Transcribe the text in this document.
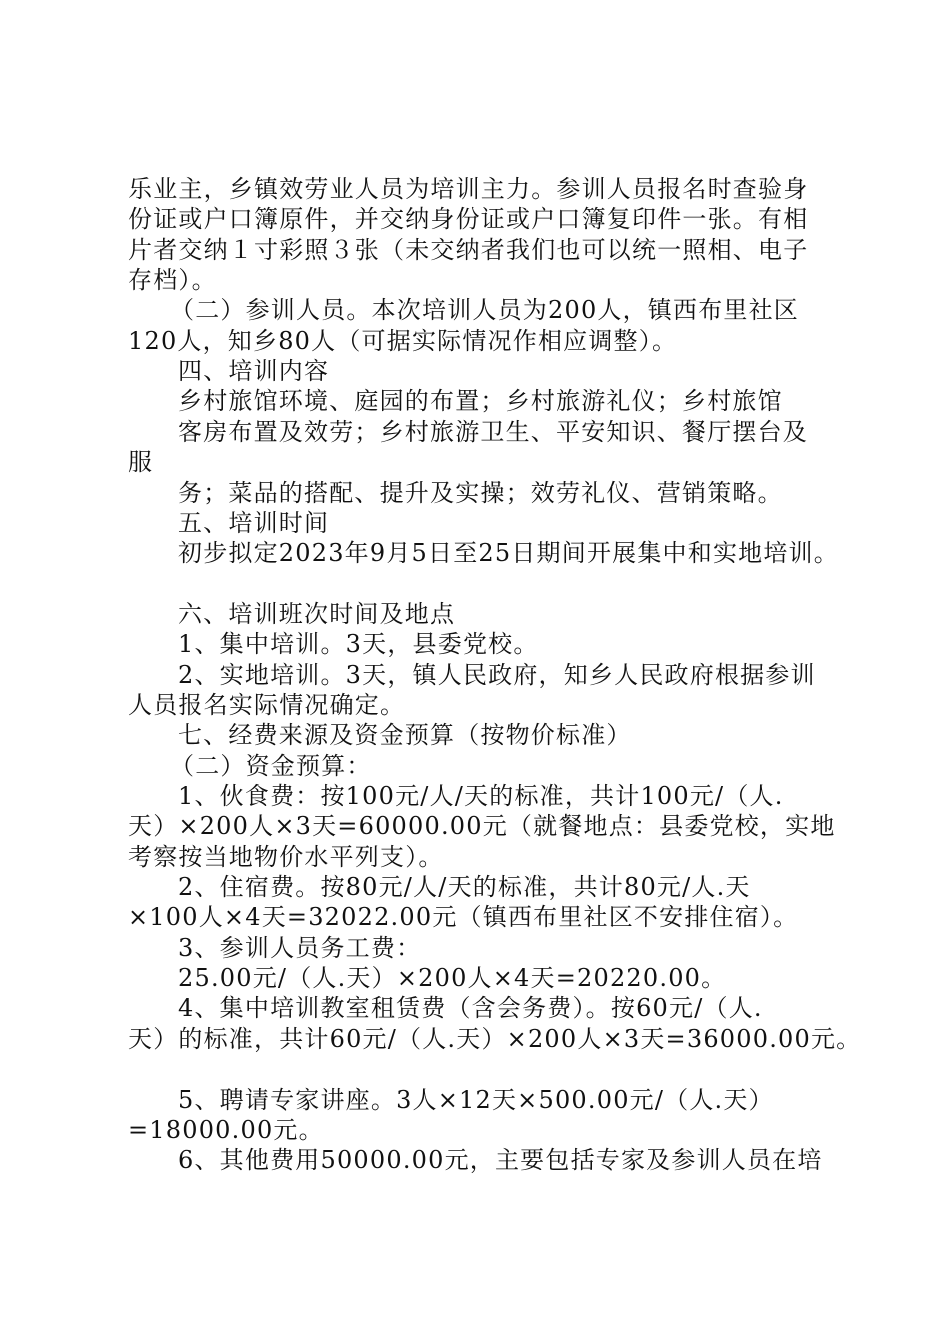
乐业主，乡镇效劳业人员为培训主力。参训人员报名时查验身
份证或户口簿原件，并交纳身份证或户口簿复印件一张。有相
片者交纳１寸彩照３张（未交纳者我们也可以统一照相、电子
存档）。
（二）参训人员。本次培训人员为200人，镇西布里社区
120人，知乡80人（可据实际情况作相应调整）。
四、培训内容
乡村旅馆环境、庭园的布置；乡村旅游礼仪；乡村旅馆
客房布置及效劳；乡村旅游卫生、平安知识、餐厅摆台及
服
务；菜品的搭配、提升及实操；效劳礼仪、营销策略。
五、培训时间
初步拟定2023年9月5日至25日期间开展集中和实地培训。
六、培训班次时间及地点
1、集中培训。3天，县委党校。
2、实地培训。3天，镇人民政府，知乡人民政府根据参训
人员报名实际情况确定。
七、经费来源及资金预算（按物价标准）
（二）资金预算：
1、伙食费：按100元/人/天的标准，共计100元/（人.
天）×200人×3天=60000.00元（就餐地点：县委党校，实地
考察按当地物价水平列支）。
2、住宿费。按80元/人/天的标准，共计80元/人.天
×100人×4天=32022.00元（镇西布里社区不安排住宿）。
3、参训人员务工费：
25.00元/（人.天）×200人×4天=20220.00。
4、集中培训教室租赁费（含会务费）。按60元/（人.
天）的标准，共计60元/（人.天）×200人×3天=36000.00元。
5、聘请专家讲座。3人×12天×500.00元/（人.天）
=18000.00元。
6、其他费用50000.00元，主要包括专家及参训人员在培
